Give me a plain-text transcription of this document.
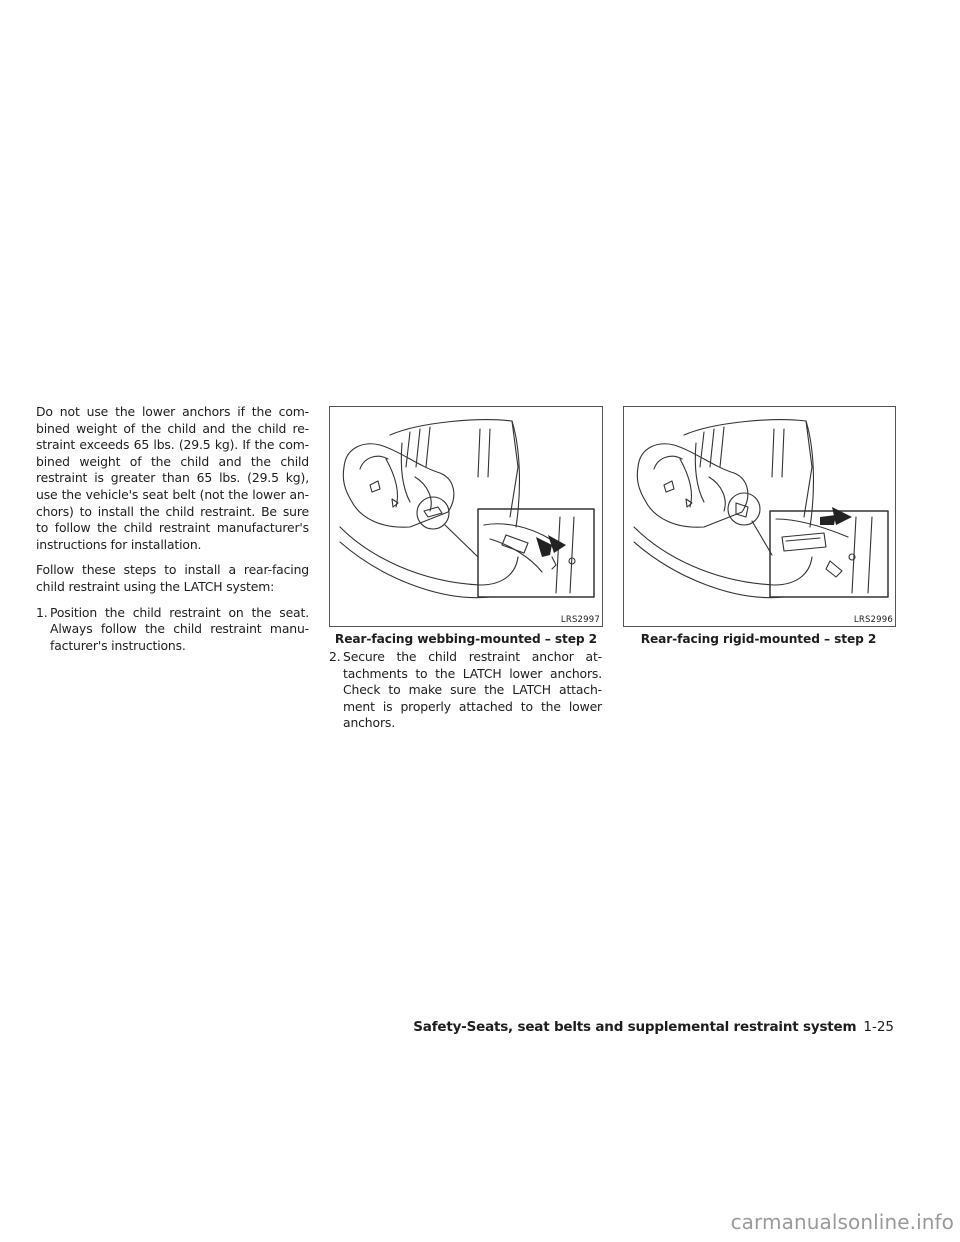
Do not use the lower anchors if the com-bined weight of the child and the child re-straint exceeds 65 lbs. (29.5 kg). If the com-bined weight of the child and the child restraint is greater than 65 lbs. (29.5 kg), use the vehicle's seat belt (not the lower an-chors) to install the child restraint. Be sure to follow the child restraint manufacturer's instructions for installation.

Follow these steps to install a rear-facing child restraint using the LATCH system:

1. Position the child restraint on the seat. Always follow the child restraint manu-facturer's instructions.
LRS2997
Rear-facing webbing-mounted – step 2
LRS2996
Rear-facing rigid-mounted – step 2
2. Secure the child restraint anchor at-tachments to the LATCH lower anchors. Check to make sure the LATCH attach-ment is properly attached to the lower anchors.
Safety-Seats, seat belts and supplemental restraint system 1-25
carmanualsonline.info
